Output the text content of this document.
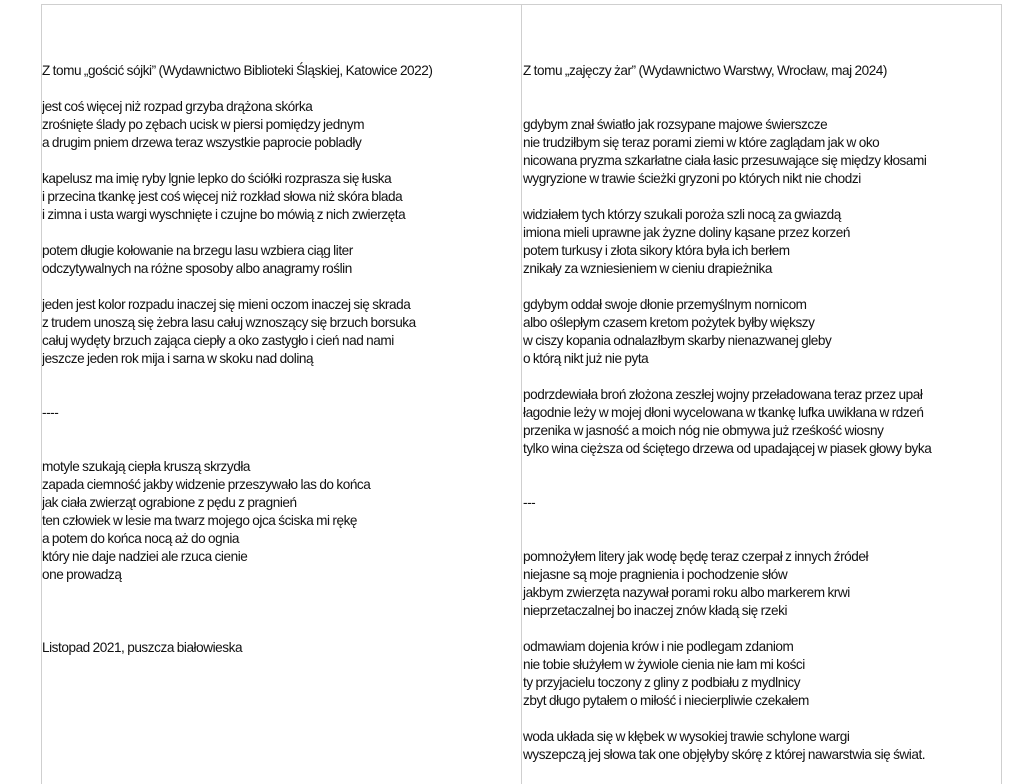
Z tomu „gościć sójki” (Wydawnictwo Biblioteki Śląskiej, Katowice 2022)

jest coś więcej niż rozpad grzyba drążona skórka
zrośnięte ślady po zębach ucisk w piersi pomiędzy jednym
a drugim pniem drzewa teraz wszystkie paprocie pobladły

kapelusz ma imię ryby lgnie lepko do ściółki rozprasza się łuska
i przecina tkankę jest coś więcej niż rozkład słowa niż skóra blada
i zimna i usta wargi wyschnięte i czujne bo mówią z nich zwierzęta

potem długie kołowanie na brzegu lasu wzbiera ciąg liter
odczytywalnych na różne sposoby albo anagramy roślin

jeden jest kolor rozpadu inaczej się mieni oczom inaczej się skrada
z trudem unoszą się żebra lasu całuj wznoszący się brzuch borsuka
całuj wydęty brzuch zająca ciepły a oko zastygło i cień nad nami
jeszcze jeden rok mija i sarna w skoku nad doliną

----

motyle szukają ciepła kruszą skrzydła
zapada ciemność jakby widzenie przeszywało las do końca
jak ciała zwierząt ograbione z pędu z pragnień
ten człowiek w lesie ma twarz mojego ojca ściska mi rękę
a potem do końca nocą aż do ognia
który nie daje nadziei ale rzuca cienie
one prowadzą

Listopad 2021, puszcza białowieska
Z tomu „zajęczy żar” (Wydawnictwo Warstwy, Wrocław, maj 2024)

gdybym znał światło jak rozsypane majowe świerszcze
nie trudziłbym się teraz porami ziemi w które zaglądam jak w oko
nicowana pryzma szkarłatne ciała łasic przesuwające się między kłosami
wygryzione w trawie ścieżki gryzoni po których nikt nie chodzi

widziałem tych którzy szukali poroża szli nocą za gwiazdą
imiona mieli uprawne jak żyzne doliny kąsane przez korzeń
potem turkusy i złota sikory która była ich berłem
znikały za wzniesieniem w cieniu drapieżnika

gdybym oddał swoje dłonie przemyślnym nornicom
albo oślepłym czasem kretom pożytek byłby większy
w ciszy kopania odnalazłbym skarby nienazwanej gleby
o którą nikt już nie pyta

podrzdewiała broń złożona zeszłej wojny przeładowana teraz przez upał
łagodnie leży w mojej dłoni wycelowana w tkankę lufka uwikłana w rdzeń
przenika w jasność a moich nóg nie obmywa już rześkość wiosny
tylko wina cięższa od ściętego drzewa od upadającej w piasek głowy byka

---

pomnożyłem litery jak wodę będę teraz czerpał z innych źródeł
niejasne są moje pragnienia i pochodzenie słów
jakbym zwierzęta nazywał porami roku albo markerem krwi
nieprzetaczalnej bo inaczej znów kładą się rzeki

odmawiam dojenia krów i nie podlegam zdaniom
nie tobie służyłem w żywiole cienia nie łam mi kości
ty przyjacielu toczony z gliny z podbiału z mydlnicy
zbyt długo pytałem o miłość i niecierpliwie czekałem

woda układa się w kłębek w wysokiej trawie schylone wargi
wyszepczą jej słowa tak one objęłyby skórę z której nawarstwia się świat.
